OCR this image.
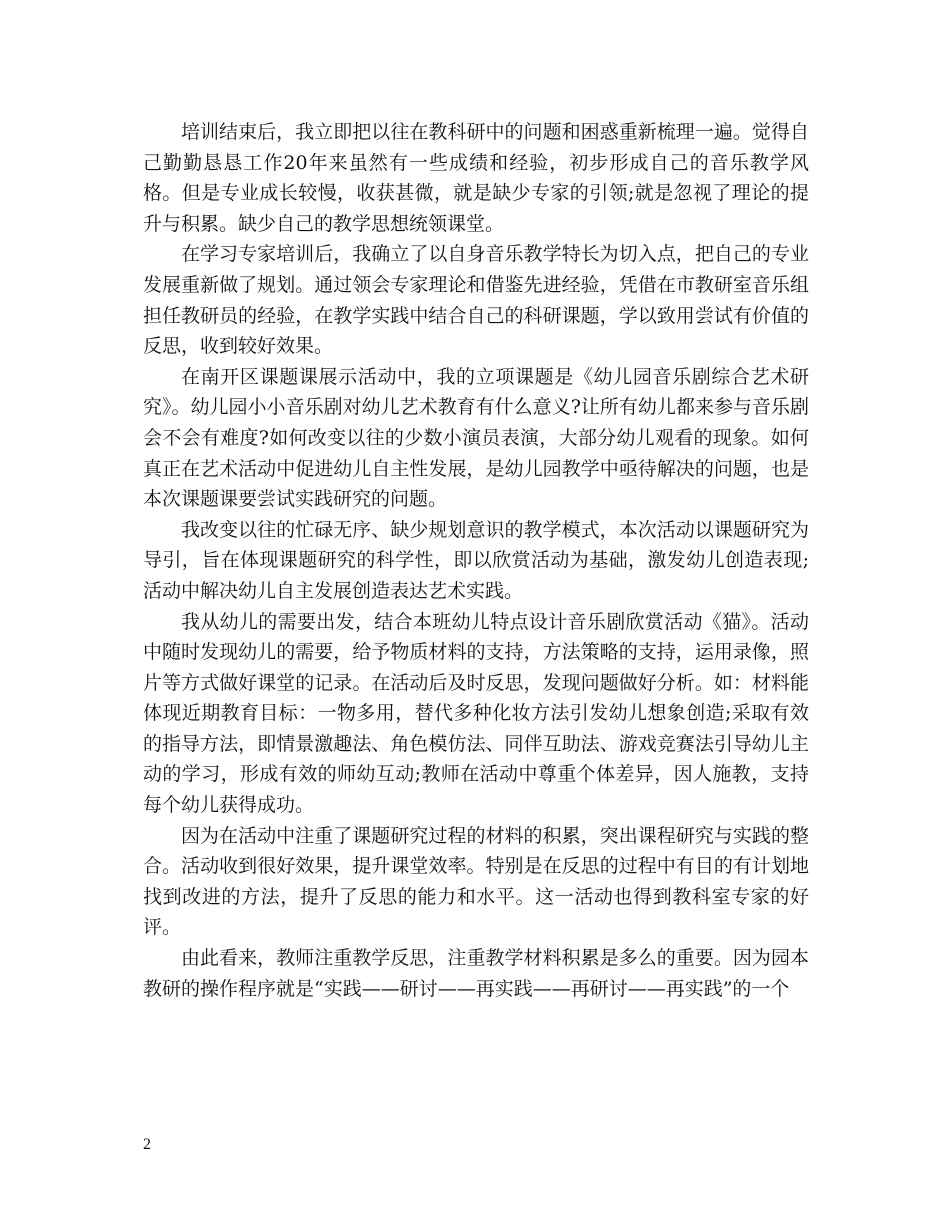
培训结束后，我立即把以往在教科研中的问题和困惑重新梳理一遍。觉得自己勤勤恳恳工作20年来虽然有一些成绩和经验，初步形成自己的音乐教学风格。但是专业成长较慢，收获甚微，就是缺少专家的引领;就是忽视了理论的提升与积累。缺少自己的教学思想统领课堂。

在学习专家培训后，我确立了以自身音乐教学特长为切入点，把自己的专业发展重新做了规划。通过领会专家理论和借鉴先进经验，凭借在市教研室音乐组担任教研员的经验，在教学实践中结合自己的科研课题，学以致用尝试有价值的反思，收到较好效果。

在南开区课题课展示活动中，我的立项课题是《幼儿园音乐剧综合艺术研究》。幼儿园小小音乐剧对幼儿艺术教育有什么意义?让所有幼儿都来参与音乐剧会不会有难度?如何改变以往的少数小演员表演，大部分幼儿观看的现象。如何真正在艺术活动中促进幼儿自主性发展，是幼儿园教学中亟待解决的问题，也是本次课题课要尝试实践研究的问题。

我改变以往的忙碌无序、缺少规划意识的教学模式，本次活动以课题研究为导引，旨在体现课题研究的科学性，即以欣赏活动为基础，激发幼儿创造表现;活动中解决幼儿自主发展创造表达艺术实践。

我从幼儿的需要出发，结合本班幼儿特点设计音乐剧欣赏活动《猫》。活动中随时发现幼儿的需要，给予物质材料的支持，方法策略的支持，运用录像，照片等方式做好课堂的记录。在活动后及时反思，发现问题做好分析。如：材料能体现近期教育目标：一物多用，替代多种化妆方法引发幼儿想象创造;采取有效的指导方法，即情景激趣法、角色模仿法、同伴互助法、游戏竞赛法引导幼儿主动的学习，形成有效的师幼互动;教师在活动中尊重个体差异，因人施教，支持每个幼儿获得成功。

因为在活动中注重了课题研究过程的材料的积累，突出课程研究与实践的整合。活动收到很好效果，提升课堂效率。特别是在反思的过程中有目的有计划地找到改进的方法，提升了反思的能力和水平。这一活动也得到教科室专家的好评。

由此看来，教师注重教学反思，注重教学材料积累是多么的重要。因为园本教研的操作程序就是“实践——研讨——再实践——再研讨——再实践”的一个

2
